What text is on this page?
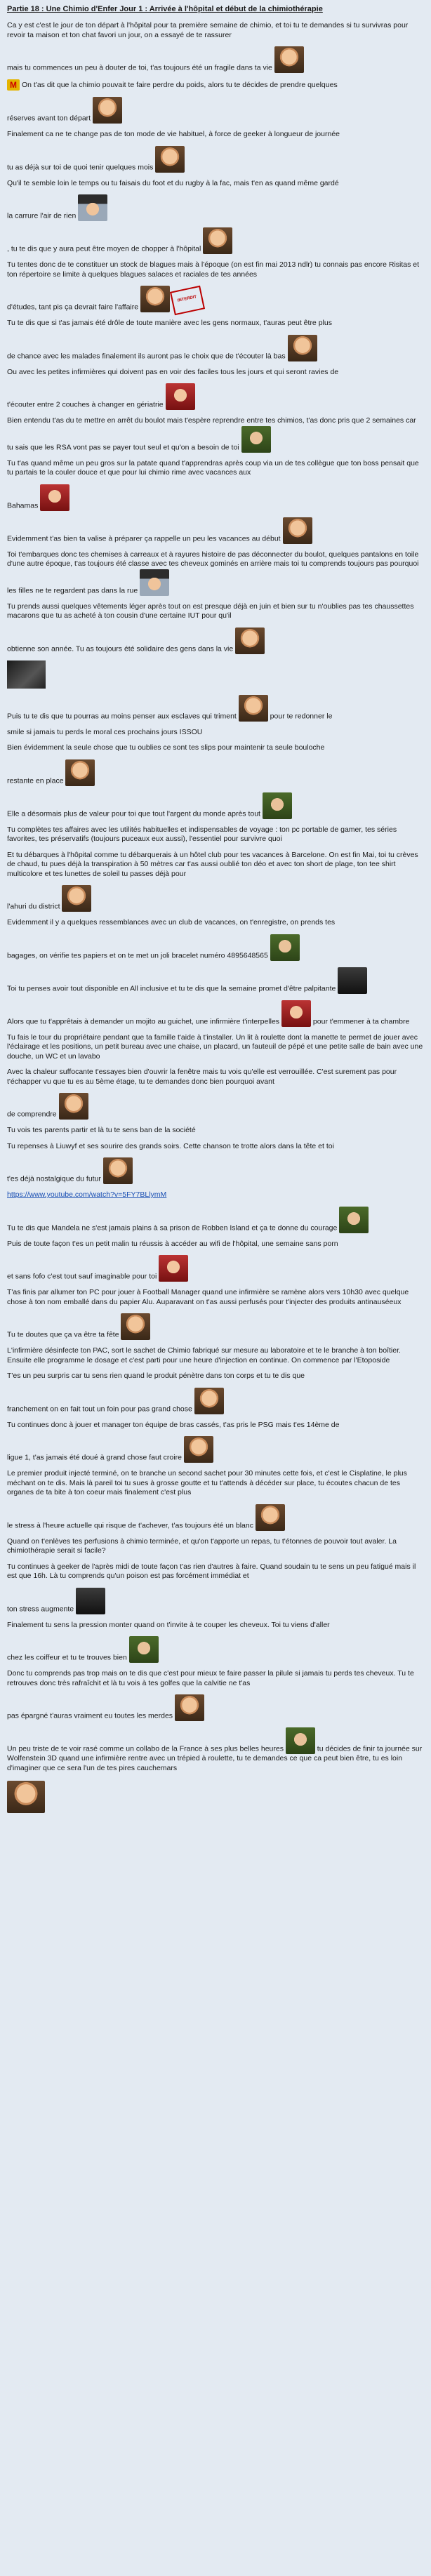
Partie 18 : Une Chimio d'Enfer Jour 1 : Arrivée à l'hôpital et début de la chimiothérapie
Ca y est c'est le jour de ton départ à l'hôpital pour ta première semaine de chimio, et toi tu te demandes si tu survivras pour revoir ta maison et ton chat favori un jour, on a essayé de te rassurer
mais tu commences un peu à douter de toi, t'as toujours été un fragile dans ta vie
M On t'as dit que la chimio pouvait te faire perdre du poids, alors tu te décides de prendre quelques
réserves avant ton départ
Finalement ca ne te change pas de ton mode de vie habituel, à force de geeker à longueur de journée
tu as déjà sur toi de quoi tenir quelques mois
Qu'il te semble loin le temps ou tu faisais du foot et du rugby à la fac, mais t'en as quand même gardé
la carrure l'air de rien
, tu te dis que y aura peut être moyen de chopper à l'hôpital
Tu tentes donc de te constituer un stock de blagues mais à l'époque (on est fin mai 2013 ndlr) tu connais pas encore Risitas et ton répertoire se limite à quelques blagues salaces et raciales de tes années
d'études, tant pis ça devrait faire l'affaire  INTERDIT
Tu te dis que si t'as jamais été drôle de toute manière avec les gens normaux, t'auras peut être plus
de chance avec les malades finalement ils auront pas le choix que de t'écouter là bas
Ou avec les petites infirmières qui doivent pas en voir des faciles tous les jours et qui seront ravies de
t'écouter entre 2 couches à changer en gériatrie
Bien entendu t'as du te mettre en arrêt du boulot mais t'espère reprendre entre tes chimios, t'as donc pris que 2 semaines car tu sais que les RSA vont pas se payer tout seul et qu'on a besoin de toi
Tu t'as quand même un peu gros sur la patate quand t'apprendras après coup via un de tes collègue que ton boss pensait que tu partais te la couler douce et que pour lui chimio rime avec vacances aux
Bahamas
Evidemment t'as bien ta valise à préparer ça rappelle un peu les vacances au début
Toi t'embarques donc tes chemises à carreaux et à rayures histoire de pas déconnecter du boulot, quelques pantalons en toile d'une autre époque, t'as toujours été classe avec tes cheveux gominés en arrière mais toi tu comprends toujours pas pourquoi les filles ne te regardent pas dans la rue
Tu prends aussi quelques vêtements léger après tout on est presque déjà en juin et bien sur tu n'oublies pas tes chaussettes macarons que tu as acheté à ton cousin d'une certaine IUT pour qu'il
obtienne son année. Tu as toujours été solidaire des gens dans la vie
Puis tu te dis que tu pourras au moins penser aux esclaves qui triment	pour te redonner le
smile si jamais tu perds le moral ces prochains jours ISSOU
Bien évidemment la seule chose que tu oublies ce sont tes slips pour maintenir ta seule bouloche
restante en place
Elle a désormais plus de valeur pour toi que tout l'argent du monde après tout
Tu complètes tes affaires avec les utilités habituelles et indispensables de voyage : ton pc portable de gamer, tes séries favorites, tes préservatifs (toujours puceaux eux aussi), l'essentiel pour survivre quoi
Et tu débarques à l'hôpital comme tu débarquerais à un hôtel club pour tes vacances à Barcelone. On est fin Mai, toi tu crèves de chaud, tu pues déjà la transpiration à 50 mètres car t'as aussi oublié ton déo et avec ton short de plage, ton tee shirt multicolore et tes lunettes de soleil tu passes déjà pour
l'ahuri du district
Evidemment il y a quelques ressemblances avec un club de vacances, on t'enregistre, on prends tes
bagages, on vérifie tes papiers et on te met un joli bracelet numéro 4895648565
Toi tu penses avoir tout disponible en All inclusive et tu te dis que la semaine promet d'être palpitante
Alors que tu t'apprêtais à demander un mojito au guichet, une infirmière t'interpelles	pour t'emmener à ta chambre
Tu fais le tour du propriétaire pendant que ta famille t'aide à t'installer. Un lit à roulette dont la manette te permet de jouer avec l'éclairage et les positions, un petit bureau avec une chaise, un placard, un fauteuil de pépé et une petite salle de bain avec une douche, un WC et un lavabo
Avec la chaleur suffocante t'essayes bien d'ouvrir la fenêtre mais tu vois qu'elle est verrouillée. C'est surement pas pour t'échapper vu que tu es au 5ème étage, tu te demandes donc bien pourquoi avant
de comprendre
Tu vois tes parents partir et là tu te sens ban de la société
Tu repenses à Liuwyf et ses sourire des grands soirs. Cette chanson te trotte alors dans la tête et toi
t'es déjà nostalgique du futur
https://www.youtube.com/watch?v=5FY7BLlymM
Tu te dis que Mandela ne s'est jamais plains à sa prison de Robben Island et ça te donne du courage
Puis de toute façon t'es un petit malin tu réussis à accéder au wifi de l'hôpital, une semaine sans porn
et sans fofo c'est tout sauf imaginable pour toi
T'as finis par allumer ton PC pour jouer à Football Manager quand une infirmière se ramène alors vers 10h30 avec quelque chose à ton nom emballé dans du papier Alu. Auparavant on t'as aussi perfusés pour t'injecter des produits antinauséeux
Tu te doutes que ça va être ta fête
L'infirmière désinfecte ton PAC, sort le sachet de Chimio fabriqué sur mesure au laboratoire et te le branche à ton boîtier. Ensuite elle programme le dosage et c'est parti pour une heure d'injection en continue. On commence par l'Etoposide
T'es un peu surpris car tu sens rien quand le produit pénètre dans ton corps et tu te dis que
franchement on en fait tout un foin pour pas grand chose
Tu continues donc à jouer et manager ton équipe de bras cassés, t'as pris le PSG mais t'es 14ème de
ligue 1, t'as jamais été doué à grand chose faut croire
Le premier produit injecté terminé, on te branche un second sachet pour 30 minutes cette fois, et c'est le Cisplatine, le plus méchant on te dis. Mais là pareil toi tu sues à grosse goutte et tu t'attends à décéder sur place, tu écoutes chacun de tes organes de ta bite à ton coeur mais finalement c'est plus
le stress à l'heure actuelle qui risque de t'achever, t'as toujours été un blanc
Quand on t'enlèves tes perfusions à chimio terminée, et qu'on t'apporte un repas, tu t'étonnes de pouvoir tout avaler. La chimiothérapie serait si facile?
Tu continues à geeker de l'après midi de toute façon t'as rien d'autres à faire. Quand soudain tu te sens un peu fatigué mais il est que 16h. Là tu comprends qu'un poison est pas forcément immédiat et
ton stress augmente
Finalement tu sens la pression monter quand on t'invite à te couper les cheveux. Toi tu viens d'aller
chez les coiffeur et tu te trouves bien
Donc tu comprends pas trop mais on te dis que c'est pour mieux te faire passer la pilule si jamais tu perds tes cheveux. Tu te retrouves donc très rafraîchit et là tu vois à tes golfes que la calvitie ne t'as
pas épargné t'auras vraiment eu toutes les merdes
Un peu triste de te voir rasé comme un collabo de la France à ses plus belles heures	tu décides de finir ta journée sur Wolfenstein 3D quand une infirmière rentre avec un trépied à roulette, tu te demandes ce que ca peut bien être, tu es loin d'imaginer que ce sera l'un de tes pires cauchemars
